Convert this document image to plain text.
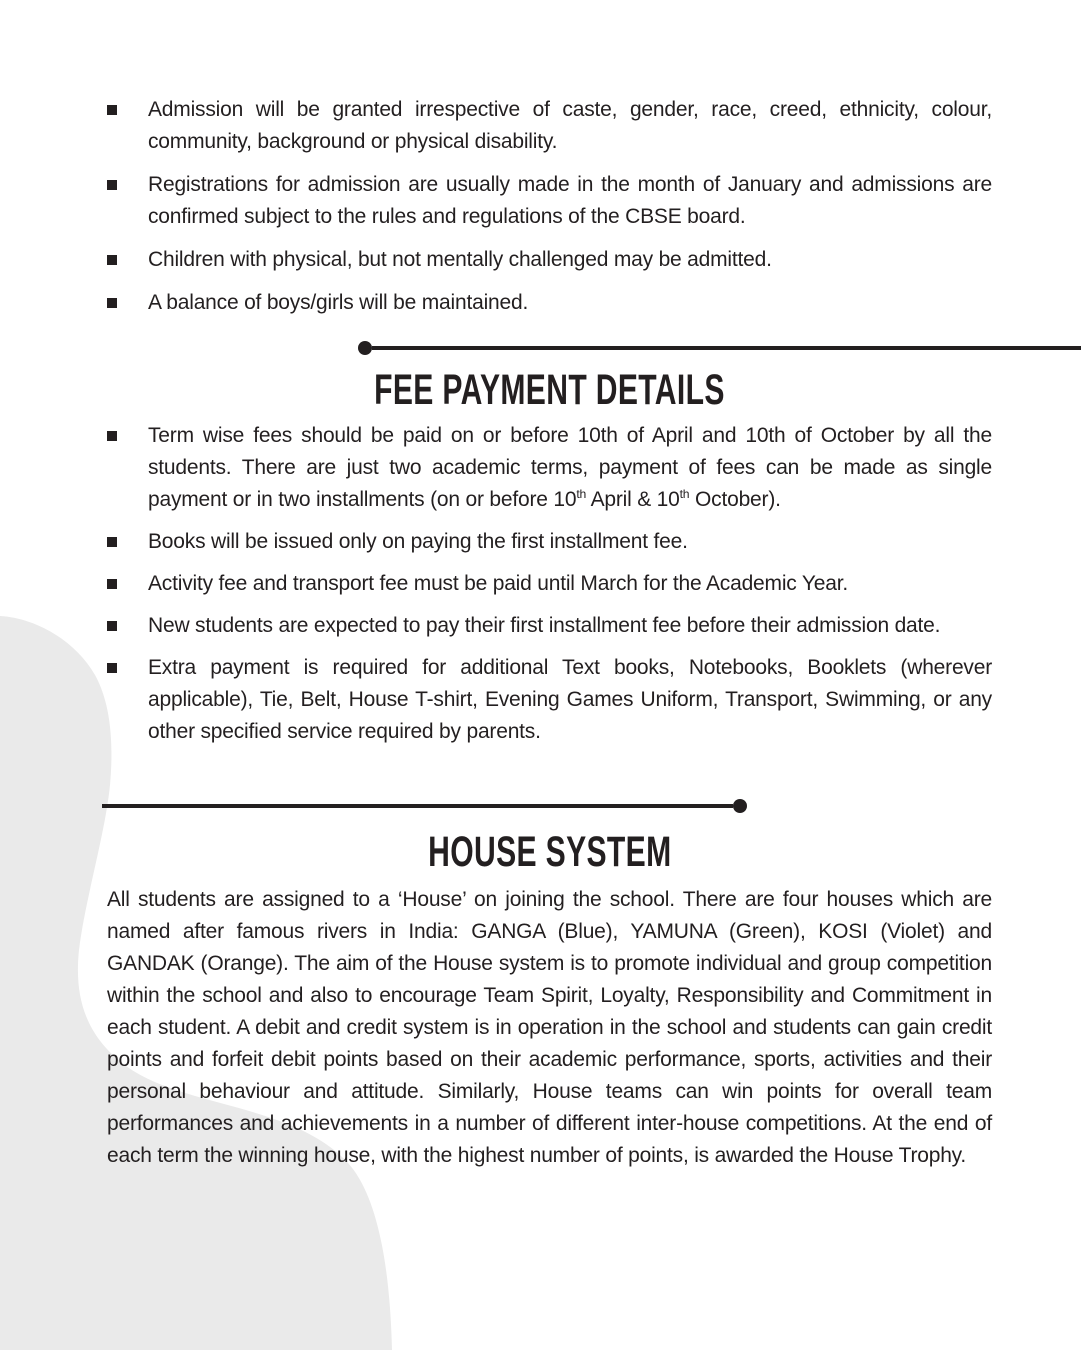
Admission will be granted irrespective of caste, gender, race, creed, ethnicity, colour, community, background or physical disability.

Registrations for admission are usually made in the month of January and admissions are confirmed subject to the rules and regulations of the CBSE board.

Children with physical, but not mentally challenged may be admitted.

A balance of boys/girls will be maintained.

FEE PAYMENT DETAILS

Term wise fees should be paid on or before 10th of April and 10th of October by all the students. There are just two academic terms, payment of fees can be made as single payment or in two installments (on or before 10th April & 10th October).

Books will be issued only on paying the first installment fee.

Activity fee and transport fee must be paid until March for the Academic Year.

New students are expected to pay their first installment fee before their admission date.

Extra payment is required for additional Text books, Notebooks, Booklets (wherever applicable), Tie, Belt, House T-shirt, Evening Games Uniform, Transport, Swimming, or any other specified service required by parents.

HOUSE SYSTEM

All students are assigned to a ‘House’ on joining the school. There are four houses which are named after famous rivers in India: GANGA (Blue), YAMUNA (Green), KOSI (Violet) and GANDAK (Orange). The aim of the House system is to promote individual and group competition within the school and also to encourage Team Spirit, Loyalty, Responsibility and Commitment in each student. A debit and credit system is in operation in the school and students can gain credit points and forfeit debit points based on their academic performance, sports, activities and their personal behaviour and attitude. Similarly, House teams can win points for overall team performances and achievements in a number of different inter-house competitions. At the end of each term the winning house, with the highest number of points, is awarded the House Trophy.
